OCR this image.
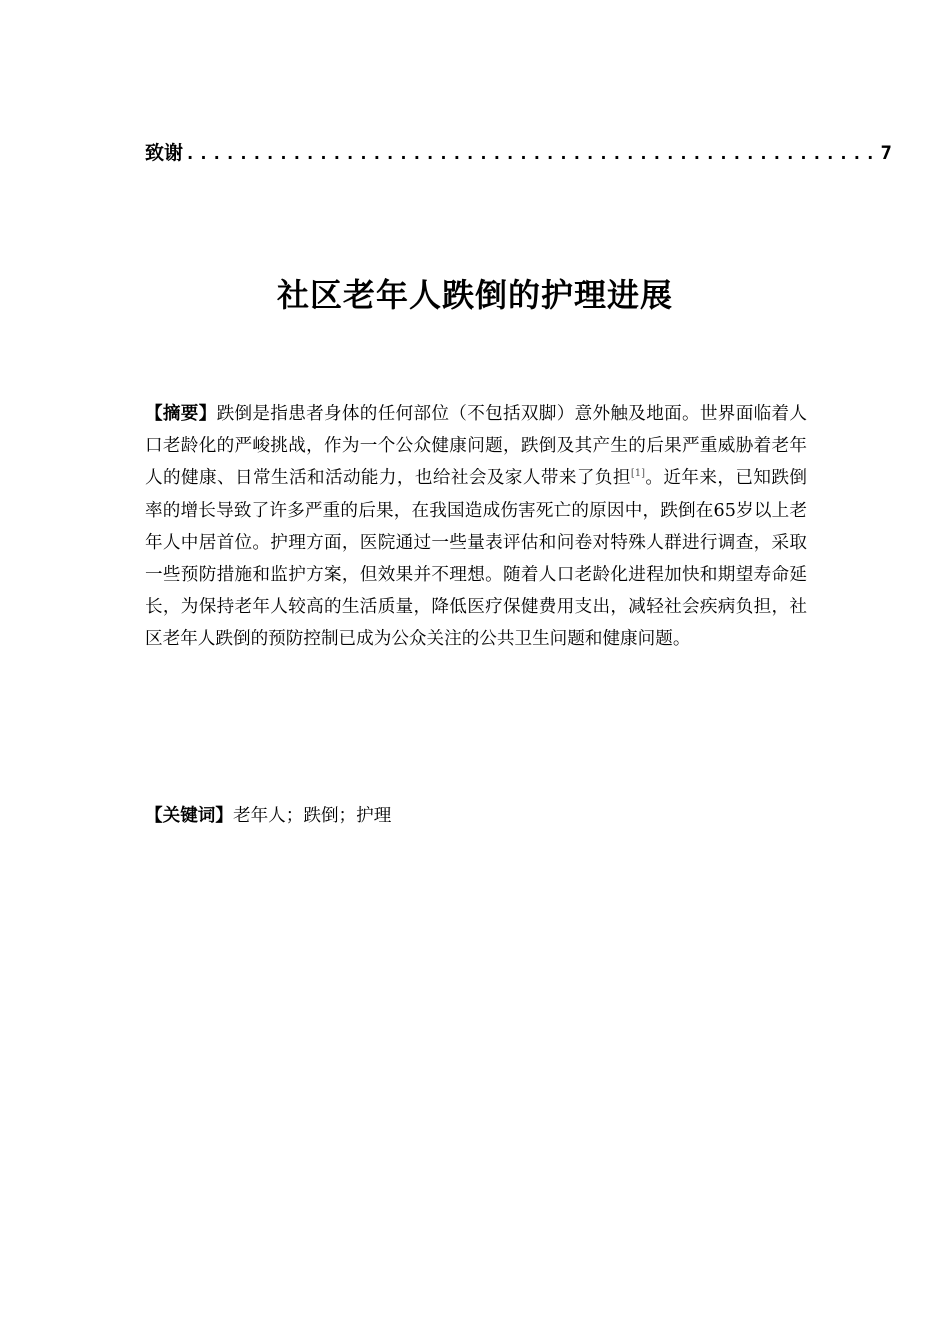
致谢 .................................................... 7
社区老年人跌倒的护理进展

【摘要】跌倒是指患者身体的任何部位（不包括双脚）意外触及地面。世界面临着人口老龄化的严峻挑战，作为一个公众健康问题，跌倒及其产生的后果严重威胁着老年人的健康、日常生活和活动能力，也给社会及家人带来了负担[1]。近年来，已知跌倒率的增长导致了许多严重的后果，在我国造成伤害死亡的原因中，跌倒在65岁以上老年人中居首位。护理方面，医院通过一些量表评估和问卷对特殊人群进行调查，采取一些预防措施和监护方案，但效果并不理想。随着人口老龄化进程加快和期望寿命延长，为保持老年人较高的生活质量，降低医疗保健费用支出，减轻社会疾病负担，社区老年人跌倒的预防控制已成为公众关注的公共卫生问题和健康问题。

【关键词】老年人；跌倒；护理
